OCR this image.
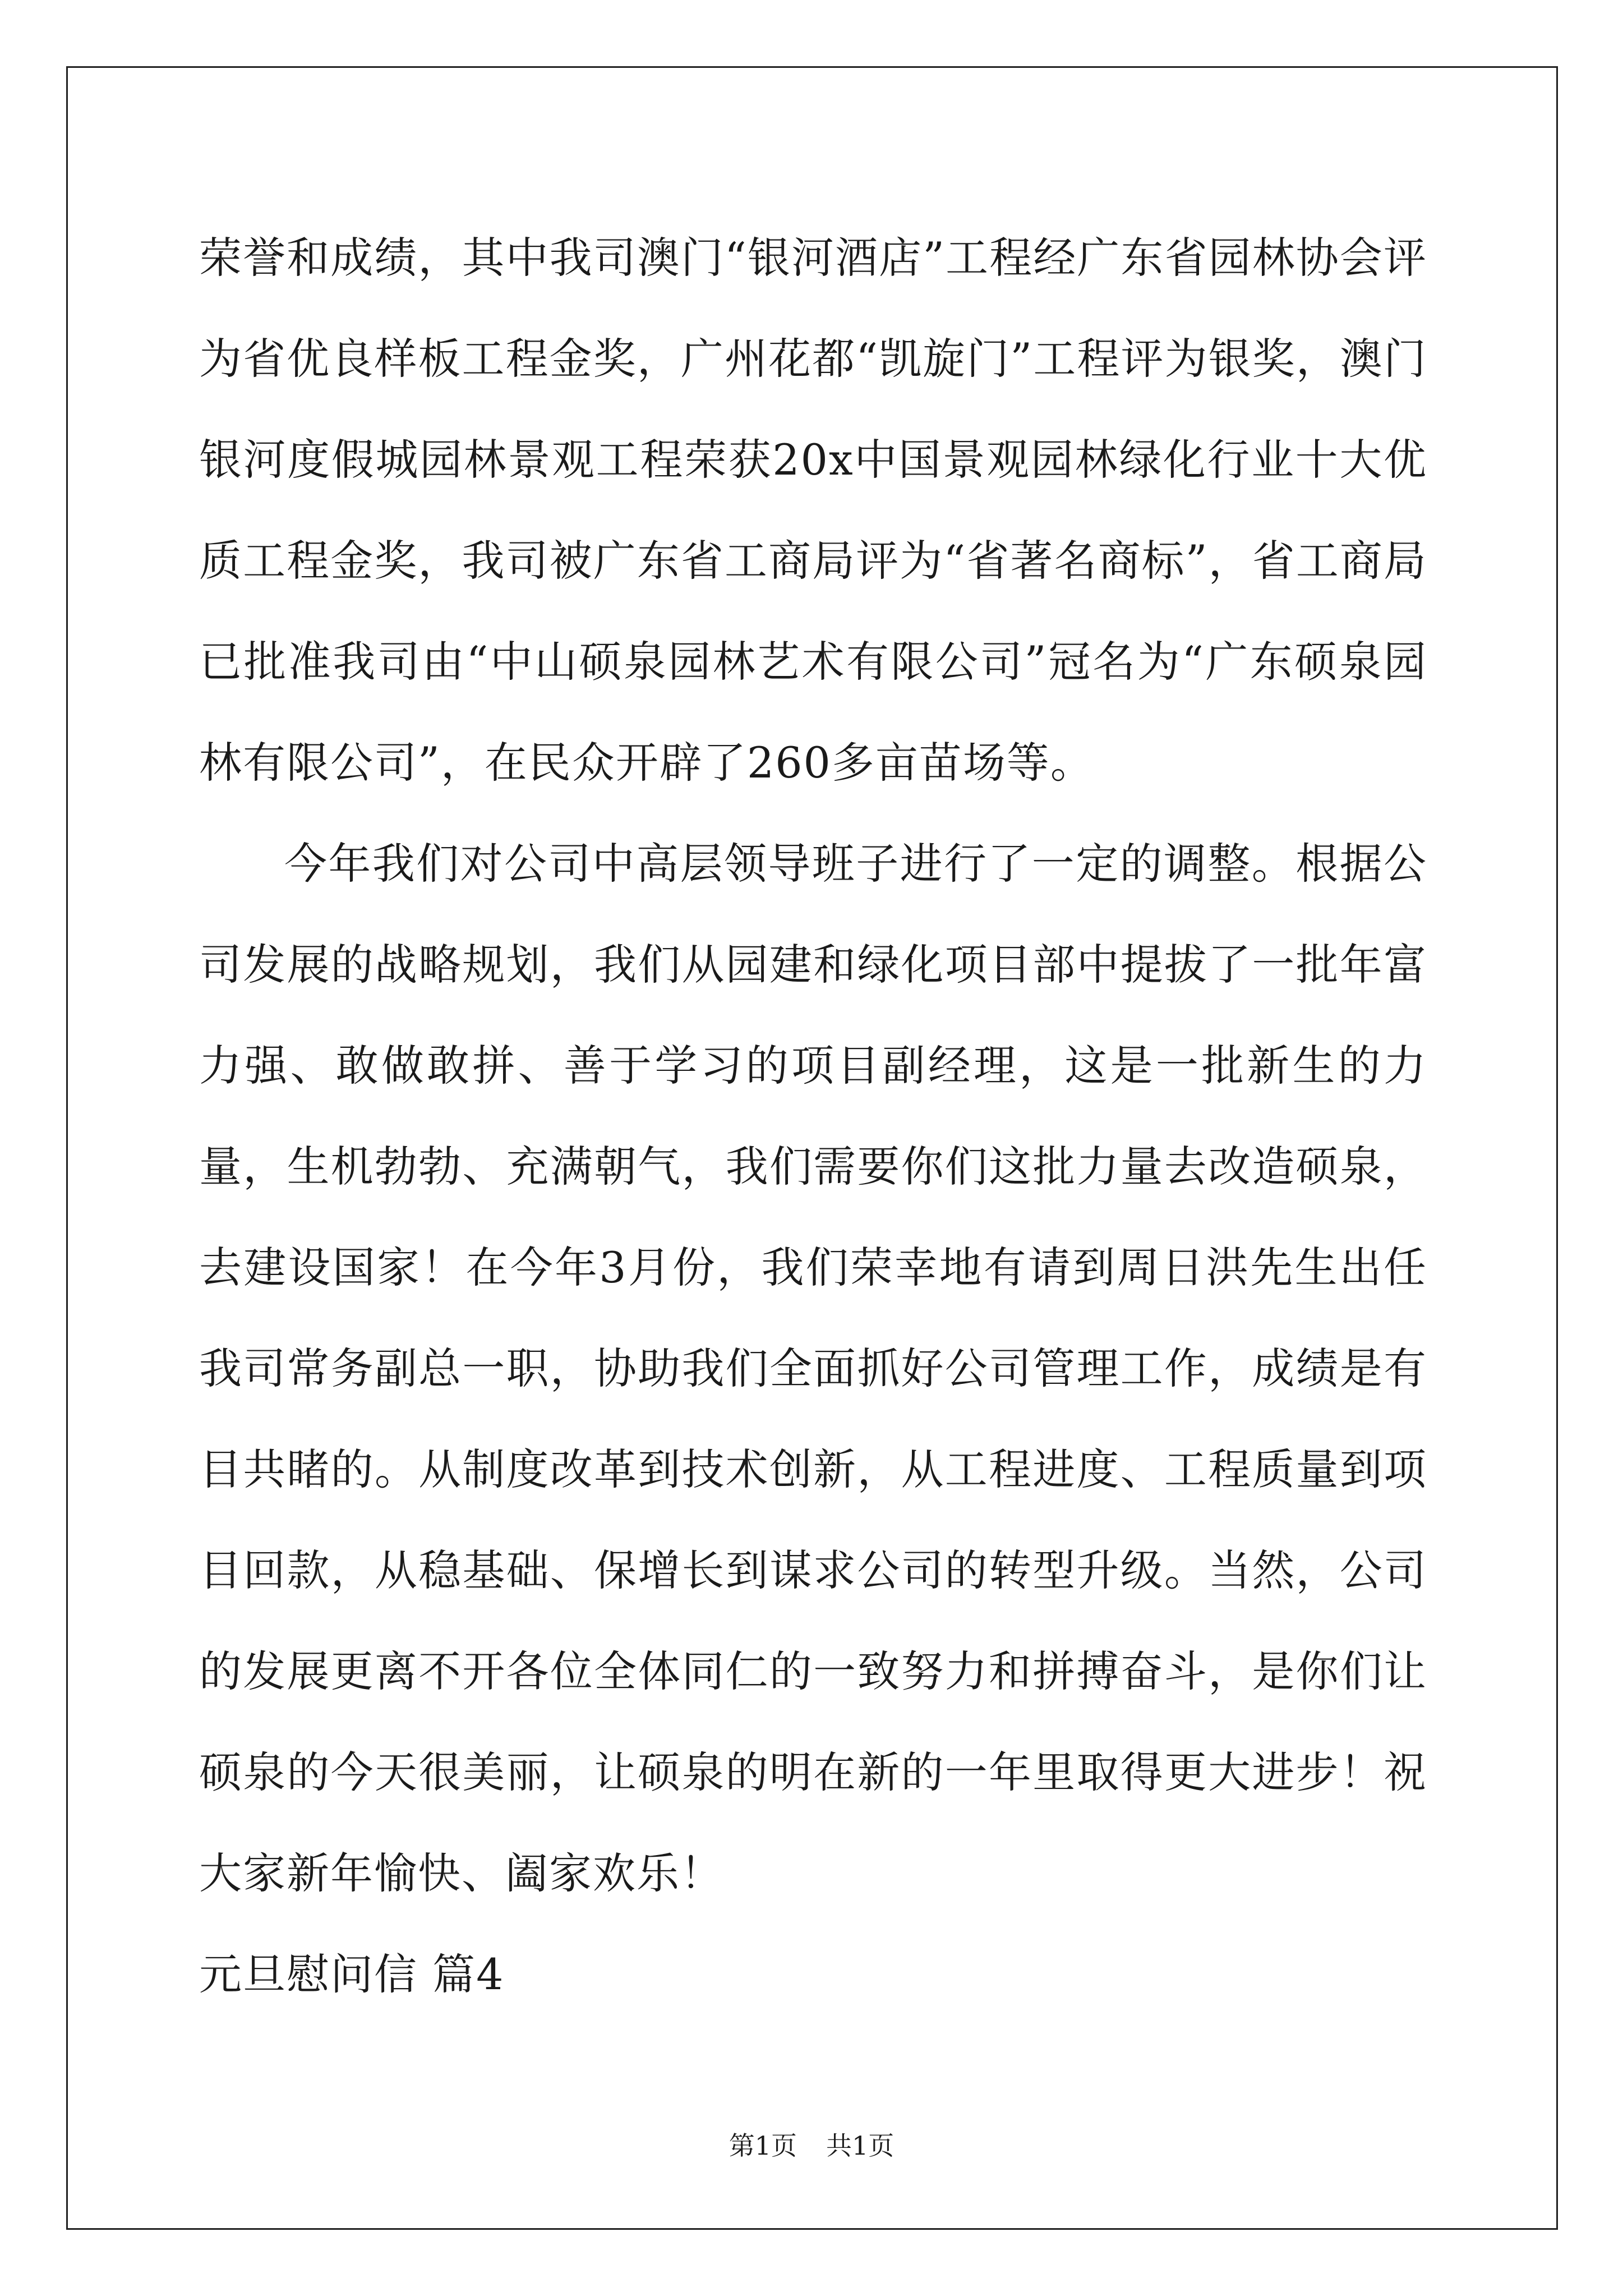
荣誉和成绩，其中我司澳门“银河酒店”工程经广东省园林协会评为省优良样板工程金奖，广州花都“凯旋门”工程评为银奖，澳门银河度假城园林景观工程荣获20x中国景观园林绿化行业十大优质工程金奖，我司被广东省工商局评为“省著名商标”，省工商局已批准我司由“中山硕泉园林艺术有限公司”冠名为“广东硕泉园林有限公司”，在民众开辟了260多亩苗场等。

今年我们对公司中高层领导班子进行了一定的调整。根据公司发展的战略规划，我们从园建和绿化项目部中提拔了一批年富力强、敢做敢拼、善于学习的项目副经理，这是一批新生的力量，生机勃勃、充满朝气，我们需要你们这批力量去改造硕泉，去建设国家！在今年3月份，我们荣幸地有请到周日洪先生出任我司常务副总一职，协助我们全面抓好公司管理工作，成绩是有目共睹的。从制度改革到技术创新，从工程进度、工程质量到项目回款，从稳基础、保增长到谋求公司的转型升级。当然，公司的发展更离不开各位全体同仁的一致努力和拼搏奋斗，是你们让硕泉的今天很美丽，让硕泉的明在新的一年里取得更大进步！祝大家新年愉快、阖家欢乐！

元旦慰问信 篇4

第1页 共1页
